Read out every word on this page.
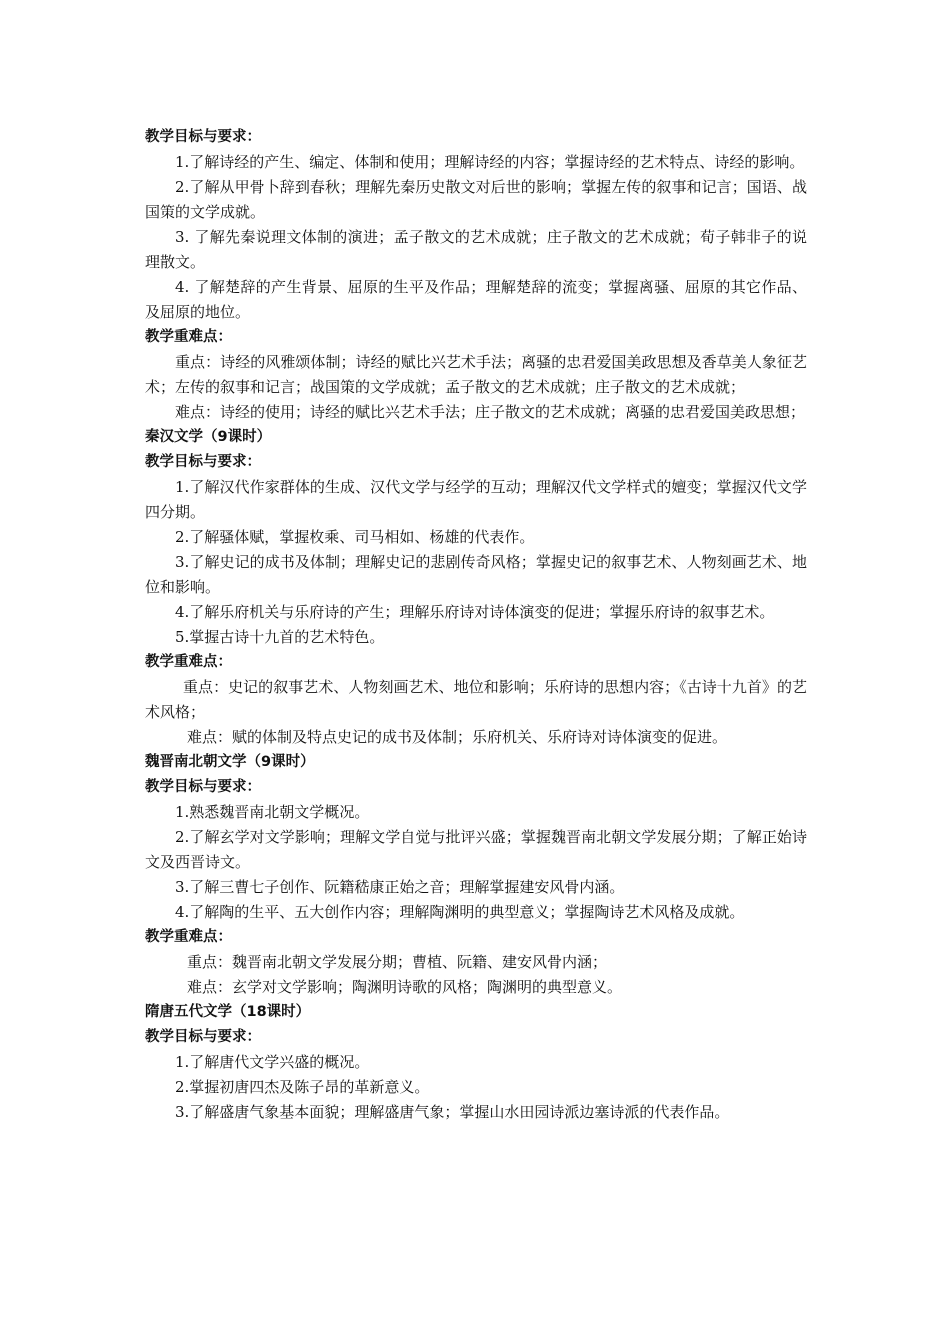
教学目标与要求：

1.了解诗经的产生、编定、体制和使用；理解诗经的内容；掌握诗经的艺术特点、诗经的影响。

2.了解从甲骨卜辞到春秋；理解先秦历史散文对后世的影响；掌握左传的叙事和记言；国语、战国策的文学成就。

3. 了解先秦说理文体制的演进；孟子散文的艺术成就；庄子散文的艺术成就；荀子韩非子的说理散文。

4. 了解楚辞的产生背景、屈原的生平及作品；理解楚辞的流变；掌握离骚、屈原的其它作品、及屈原的地位。

教学重难点：

重点：诗经的风雅颂体制；诗经的赋比兴艺术手法；离骚的忠君爱国美政思想及香草美人象征艺术；左传的叙事和记言；战国策的文学成就；孟子散文的艺术成就；庄子散文的艺术成就；

难点：诗经的使用；诗经的赋比兴艺术手法；庄子散文的艺术成就；离骚的忠君爱国美政思想；

秦汉文学（9课时）

教学目标与要求：

1.了解汉代作家群体的生成、汉代文学与经学的互动；理解汉代文学样式的嬗变；掌握汉代文学四分期。

2.了解骚体赋，掌握枚乘、司马相如、杨雄的代表作。

3.了解史记的成书及体制；理解史记的悲剧传奇风格；掌握史记的叙事艺术、人物刻画艺术、地位和影响。

4.了解乐府机关与乐府诗的产生；理解乐府诗对诗体演变的促进；掌握乐府诗的叙事艺术。

5.掌握古诗十九首的艺术特色。

教学重难点：

重点：史记的叙事艺术、人物刻画艺术、地位和影响；乐府诗的思想内容；《古诗十九首》的艺术风格；

难点：赋的体制及特点史记的成书及体制；乐府机关、乐府诗对诗体演变的促进。

魏晋南北朝文学（9课时）

教学目标与要求：

1.熟悉魏晋南北朝文学概况。

2.了解玄学对文学影响；理解文学自觉与批评兴盛；掌握魏晋南北朝文学发展分期；了解正始诗文及西晋诗文。

3.了解三曹七子创作、阮籍嵇康正始之音；理解掌握建安风骨内涵。

4.了解陶的生平、五大创作内容；理解陶渊明的典型意义；掌握陶诗艺术风格及成就。

教学重难点：

重点：魏晋南北朝文学发展分期；曹植、阮籍、建安风骨内涵；

难点：玄学对文学影响；陶渊明诗歌的风格；陶渊明的典型意义。

隋唐五代文学（18课时）

教学目标与要求：

1.了解唐代文学兴盛的概况。

2.掌握初唐四杰及陈子昂的革新意义。

3.了解盛唐气象基本面貌；理解盛唐气象；掌握山水田园诗派边塞诗派的代表作品。
